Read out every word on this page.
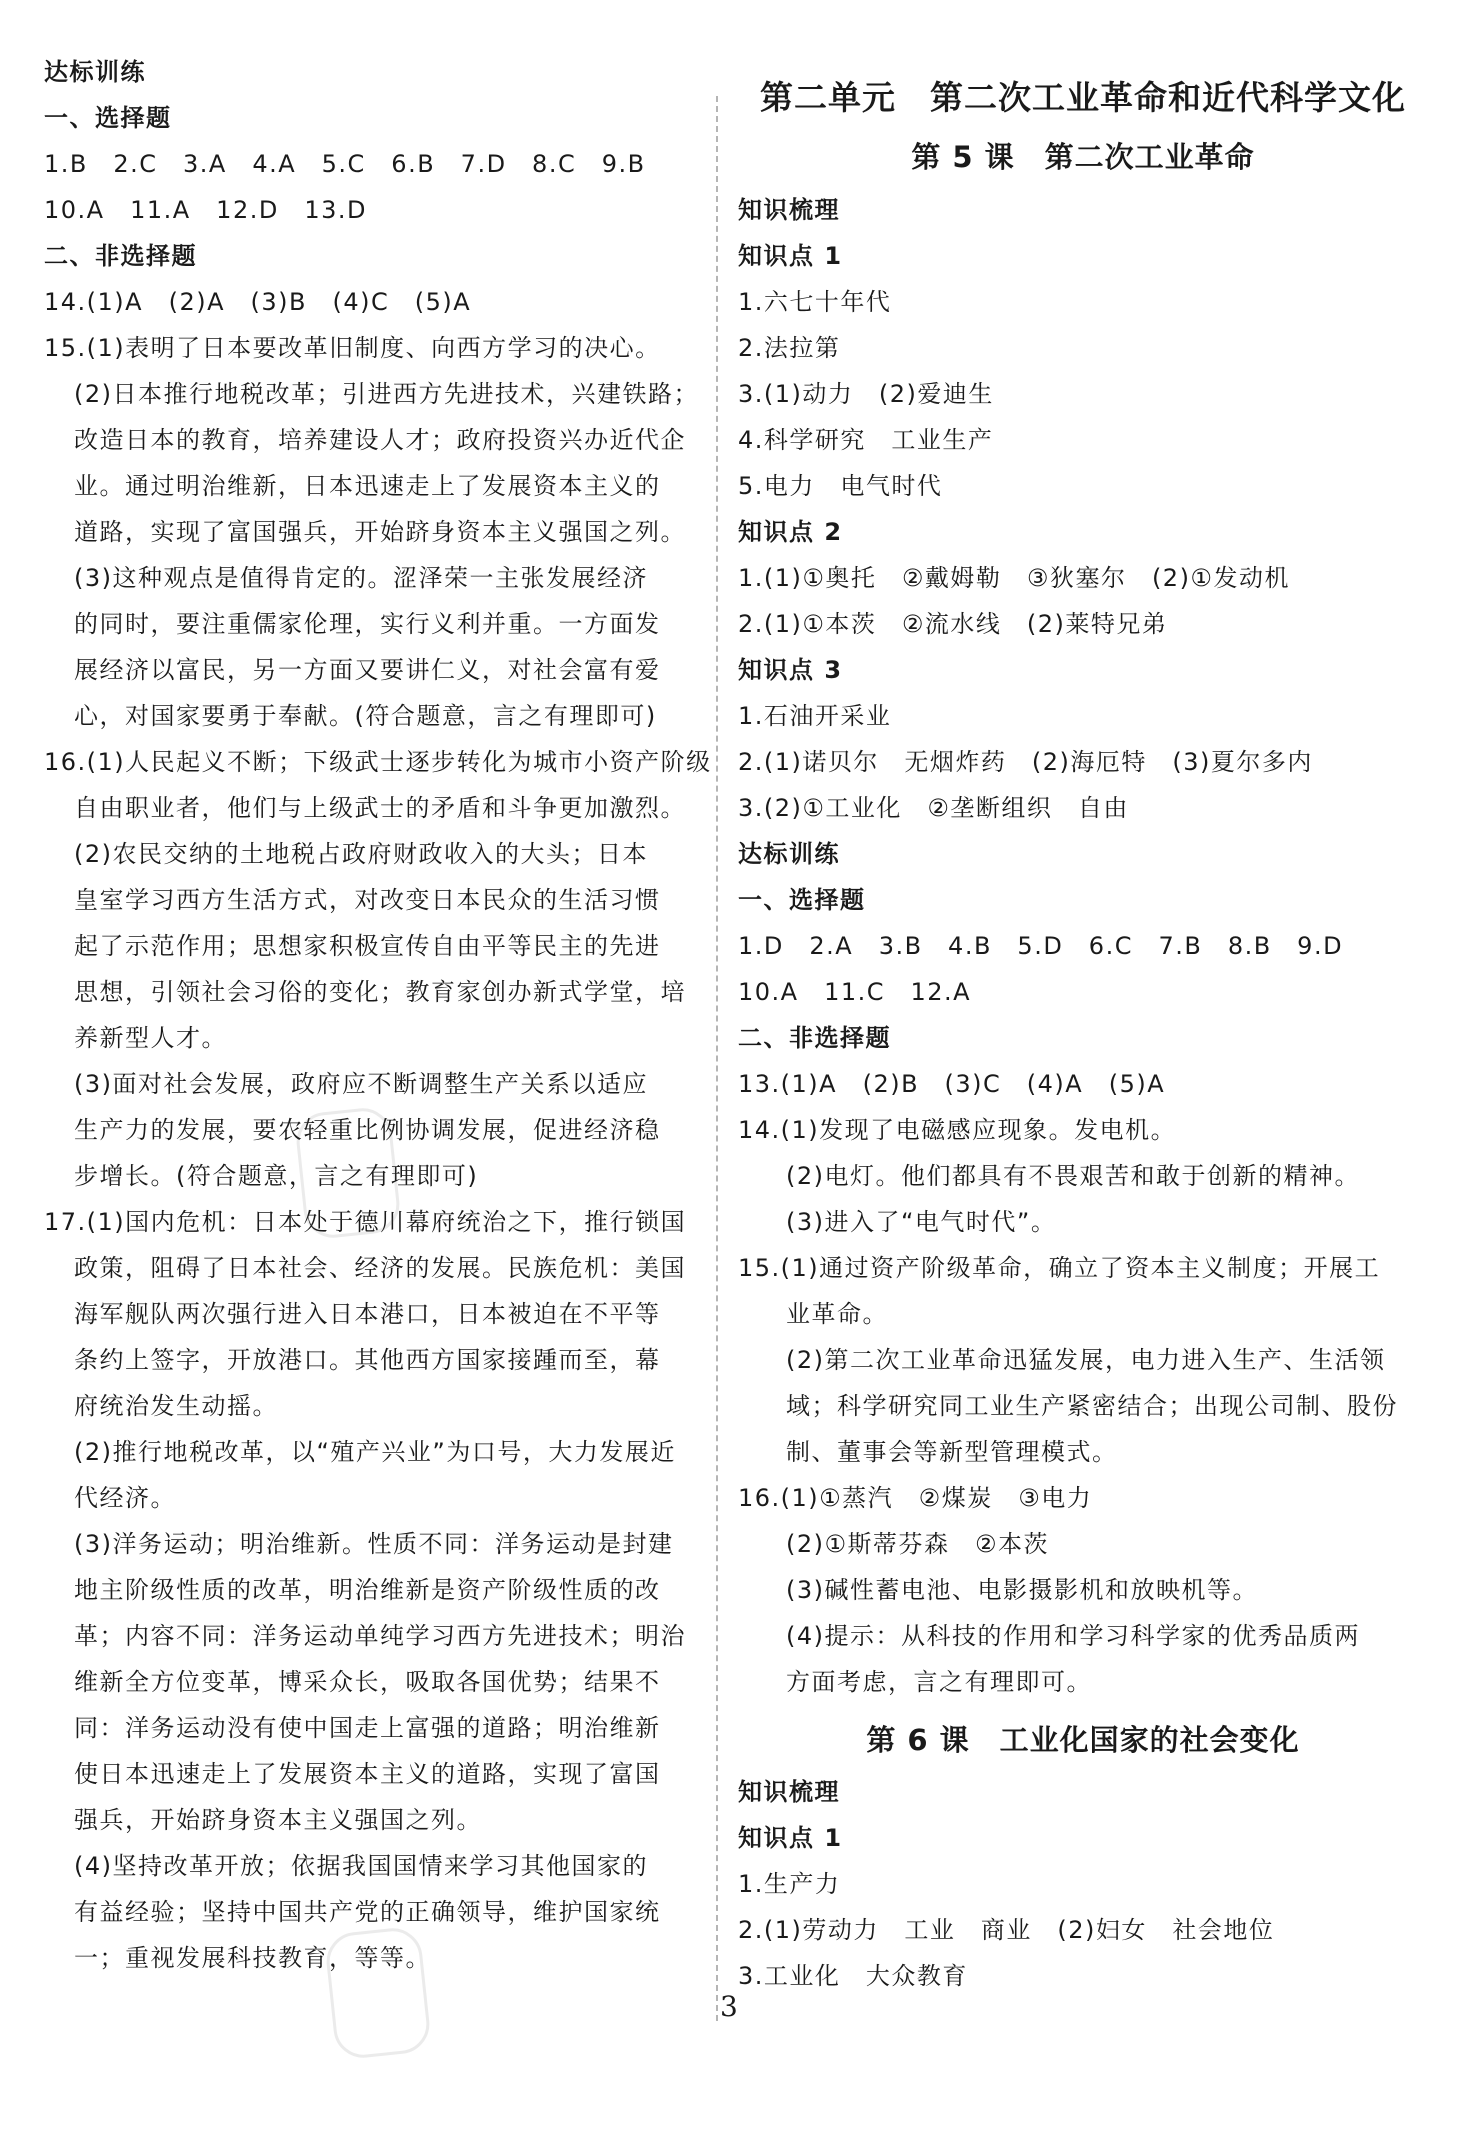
达标训练
一、选择题
1.B　2.C　3.A　4.A　5.C　6.B　7.D　8.C　9.B
10.A　11.A　12.D　13.D
二、非选择题
14.(1)A　(2)A　(3)B　(4)C　(5)A
15.(1)表明了日本要改革旧制度、向西方学习的决心。
(2)日本推行地税改革；引进西方先进技术，兴建铁路；
改造日本的教育，培养建设人才；政府投资兴办近代企
业。通过明治维新，日本迅速走上了发展资本主义的
道路，实现了富国强兵，开始跻身资本主义强国之列。
(3)这种观点是值得肯定的。涩泽荣一主张发展经济
的同时，要注重儒家伦理，实行义利并重。一方面发
展经济以富民，另一方面又要讲仁义，对社会富有爱
心，对国家要勇于奉献。(符合题意，言之有理即可)
16.(1)人民起义不断；下级武士逐步转化为城市小资产阶级
自由职业者，他们与上级武士的矛盾和斗争更加激烈。
(2)农民交纳的土地税占政府财政收入的大头；日本
皇室学习西方生活方式，对改变日本民众的生活习惯
起了示范作用；思想家积极宣传自由平等民主的先进
思想，引领社会习俗的变化；教育家创办新式学堂，培
养新型人才。
(3)面对社会发展，政府应不断调整生产关系以适应
生产力的发展，要农轻重比例协调发展，促进经济稳
步增长。(符合题意，言之有理即可)
17.(1)国内危机：日本处于德川幕府统治之下，推行锁国
政策，阻碍了日本社会、经济的发展。民族危机：美国
海军舰队两次强行进入日本港口，日本被迫在不平等
条约上签字，开放港口。其他西方国家接踵而至，幕
府统治发生动摇。
(2)推行地税改革，以“殖产兴业”为口号，大力发展近
代经济。
(3)洋务运动；明治维新。性质不同：洋务运动是封建
地主阶级性质的改革，明治维新是资产阶级性质的改
革；内容不同：洋务运动单纯学习西方先进技术；明治
维新全方位变革，博采众长，吸取各国优势；结果不
同：洋务运动没有使中国走上富强的道路；明治维新
使日本迅速走上了发展资本主义的道路，实现了富国
强兵，开始跻身资本主义强国之列。
(4)坚持改革开放；依据我国国情来学习其他国家的
有益经验；坚持中国共产党的正确领导，维护国家统
一；重视发展科技教育，等等。
第二单元　第二次工业革命和近代科学文化
第 5 课　第二次工业革命
知识梳理
知识点 1
1.六七十年代
2.法拉第
3.(1)动力　(2)爱迪生
4.科学研究　工业生产
5.电力　电气时代
知识点 2
1.(1)①奥托　②戴姆勒　③狄塞尔　(2)①发动机
2.(1)①本茨　②流水线　(2)莱特兄弟
知识点 3
1.石油开采业
2.(1)诺贝尔　无烟炸药　(2)海厄特　(3)夏尔多内
3.(2)①工业化　②垄断组织　自由
达标训练
一、选择题
1.D　2.A　3.B　4.B　5.D　6.C　7.B　8.B　9.D
10.A　11.C　12.A
二、非选择题
13.(1)A　(2)B　(3)C　(4)A　(5)A
14.(1)发现了电磁感应现象。发电机。
(2)电灯。他们都具有不畏艰苦和敢于创新的精神。
(3)进入了“电气时代”。
15.(1)通过资产阶级革命，确立了资本主义制度；开展工
业革命。
(2)第二次工业革命迅猛发展，电力进入生产、生活领
域；科学研究同工业生产紧密结合；出现公司制、股份
制、董事会等新型管理模式。
16.(1)①蒸汽　②煤炭　③电力
(2)①斯蒂芬森　②本茨
(3)碱性蓄电池、电影摄影机和放映机等。
(4)提示：从科技的作用和学习科学家的优秀品质两
方面考虑，言之有理即可。
第 6 课　工业化国家的社会变化
知识梳理
知识点 1
1.生产力
2.(1)劳动力　工业　商业　(2)妇女　社会地位
3.工业化　大众教育
3
